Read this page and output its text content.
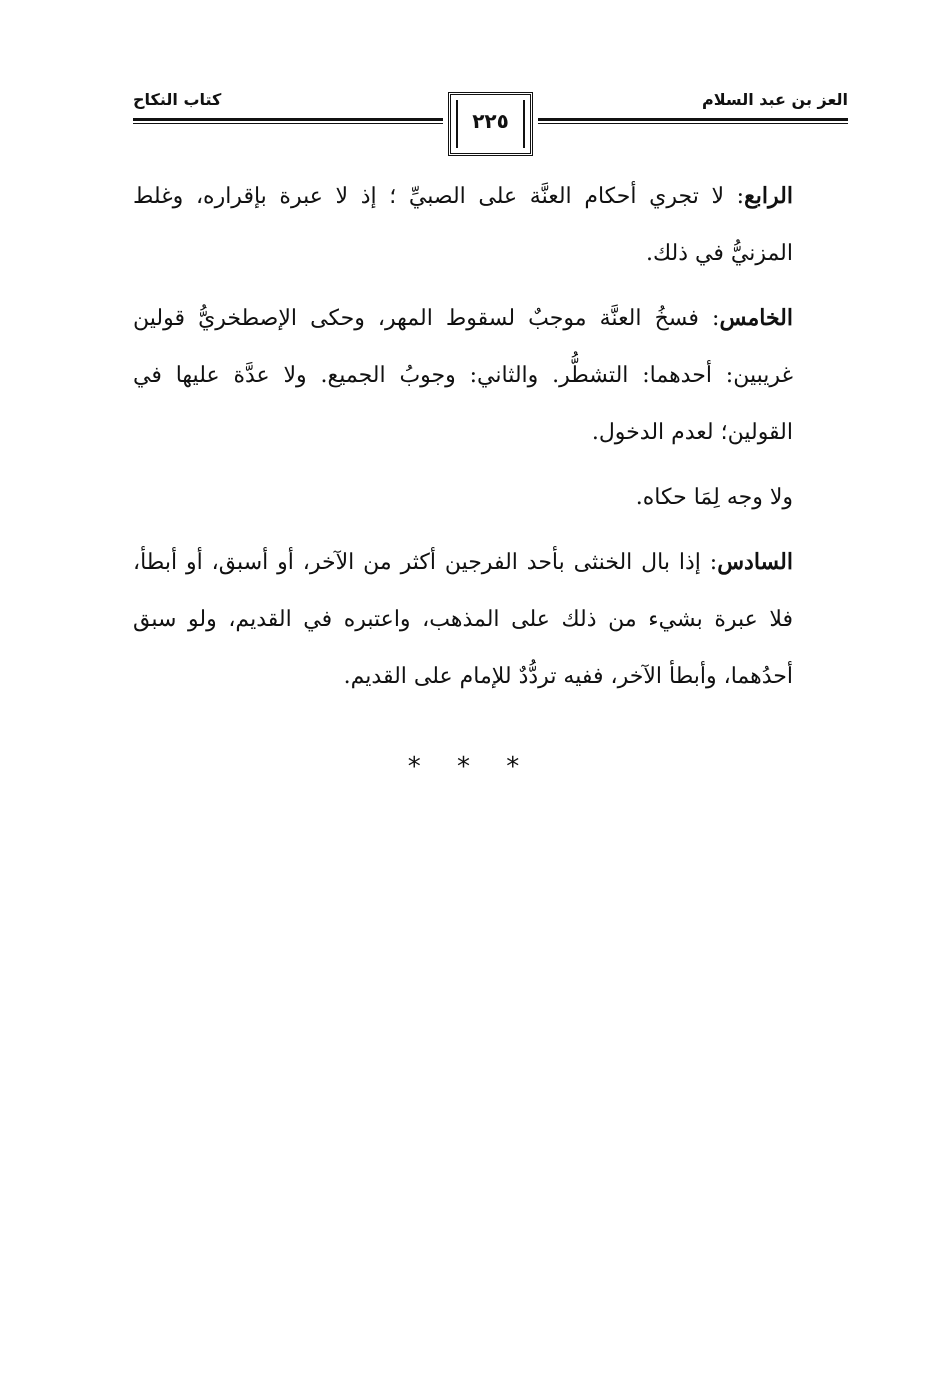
العز بن عبد السلام
كتاب النكاح
٢٢٥

الرابع: لا تجري أحكام العنَّة على الصبيِّ ؛ إذ لا عبرة بإقراره، وغلط المزنيُّ في ذلك.

الخامس: فسخُ العنَّة موجبٌ لسقوط المهر، وحكى الإصطخريُّ قولين غريبين: أحدهما: التشطُّر. والثاني: وجوبُ الجميع. ولا عدَّة عليها في القولين؛ لعدم الدخول.

ولا وجه لِمَا حكاه.

السادس: إذا بال الخنثى بأحد الفرجين أكثر من الآخر، أو أسبق، أو أبطأ، فلا عبرة بشيء من ذلك على المذهب، واعتبره في القديم، ولو سبق أحدُهما، وأبطأ الآخر، ففيه تردُّدٌ للإمام على القديم.

* * *
